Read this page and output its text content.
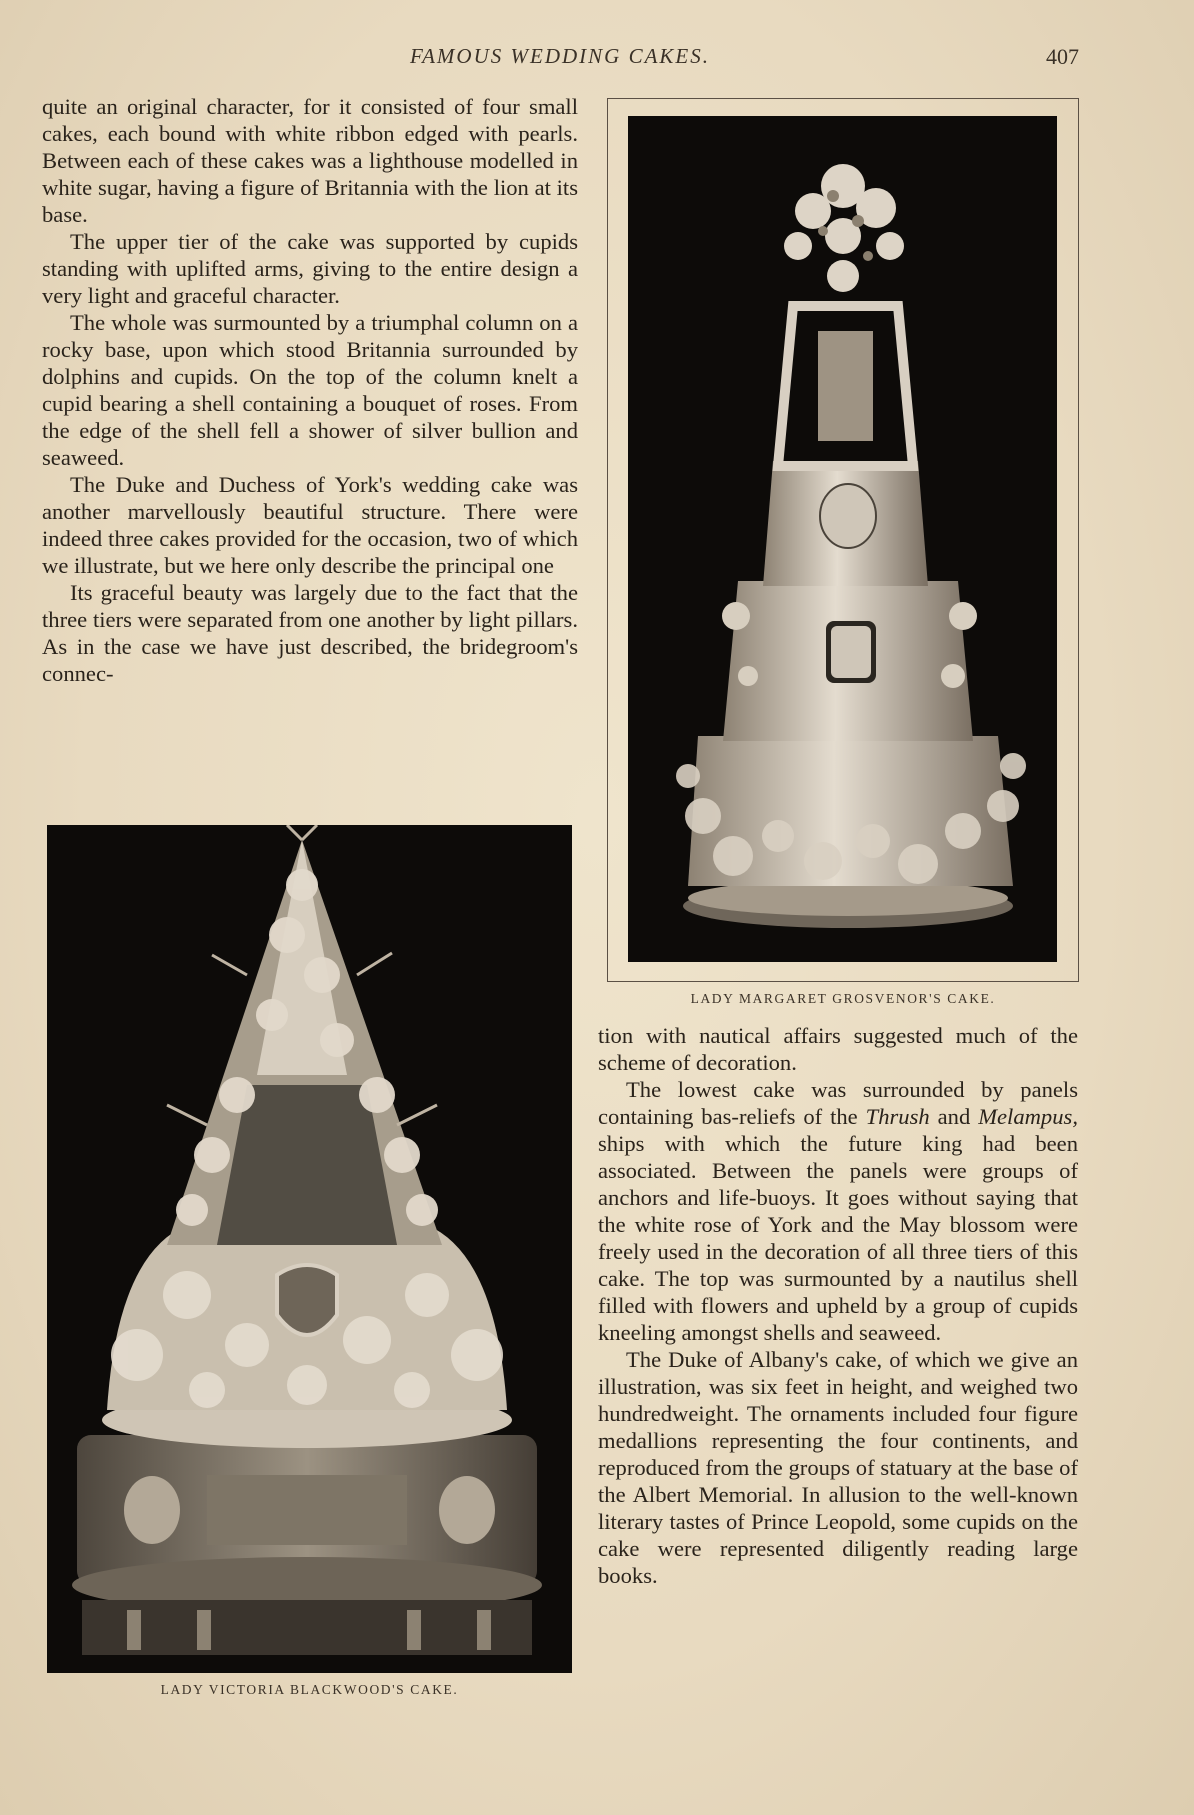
FAMOUS WEDDING CAKES.	407

quite an original character, for it consisted of four small cakes, each bound with white ribbon edged with pearls. Between each of these cakes was a lighthouse modelled in white sugar, having a figure of Britannia with the lion at its base.

The upper tier of the cake was supported by cupids standing with uplifted arms, giving to the entire design a very light and graceful character.

The whole was surmounted by a triumphal column on a rocky base, upon which stood Britannia surrounded by dolphins and cupids. On the top of the column knelt a cupid bearing a shell containing a bouquet of roses. From the edge of the shell fell a shower of silver bullion and seaweed.

The Duke and Duchess of York's wedding cake was another marvellously beautiful structure. There were indeed three cakes provided for the occasion, two of which we illustrate, but we here only describe the principal one

Its graceful beauty was largely due to the fact that the three tiers were separated from one another by light pillars. As in the case we have just described, the bridegroom's connec-

LADY MARGARET GROSVENOR'S CAKE.
LADY VICTORIA BLACKWOOD'S CAKE.

tion with nautical affairs suggested much of the scheme of decoration.

The lowest cake was surrounded by panels containing bas-reliefs of the Thrush and Melampus, ships with which the future king had been associated. Between the panels were groups of anchors and life-buoys. It goes without saying that the white rose of York and the May blossom were freely used in the decoration of all three tiers of this cake. The top was surmounted by a nautilus shell filled with flowers and upheld by a group of cupids kneeling amongst shells and seaweed.

The Duke of Albany's cake, of which we give an illustration, was six feet in height, and weighed two hundredweight. The ornaments included four figure medallions representing the four continents, and reproduced from the groups of statuary at the base of the Albert Memorial. In allusion to the well-known literary tastes of Prince Leopold, some cupids on the cake were represented diligently reading large books.
